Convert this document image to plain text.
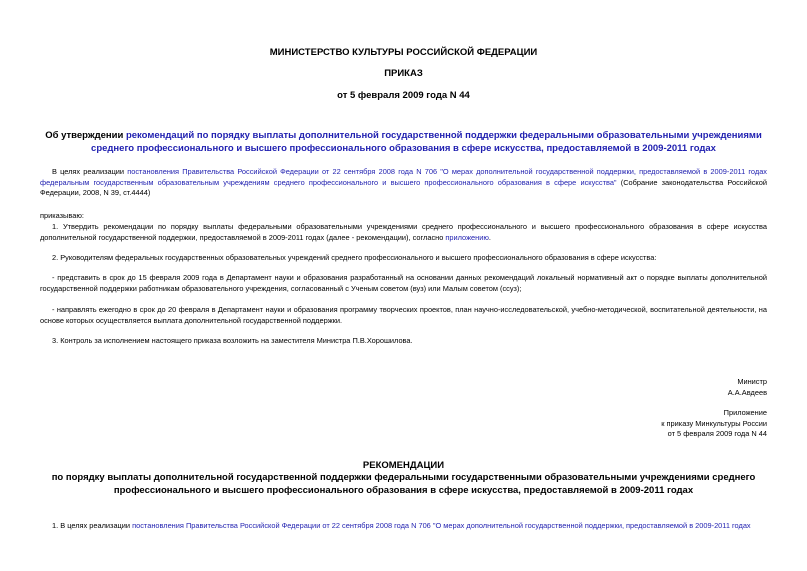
МИНИСТЕРСТВО КУЛЬТУРЫ РОССИЙСКОЙ ФЕДЕРАЦИИ
ПРИКАЗ
от 5 февраля 2009 года N 44
Об утверждении рекомендаций по порядку выплаты дополнительной государственной поддержки федеральными образовательными учреждениями среднего профессионального и высшего профессионального образования в сфере искусства, предоставляемой в 2009-2011 годах
В целях реализации постановления Правительства Российской Федерации от 22 сентября 2008 года N 706 "О мерах дополнительной государственной поддержки, предоставляемой в 2009-2011 годах федеральным государственным образовательным учреждениям среднего профессионального и высшего профессионального образования в сфере искусства" (Собрание законодательства Российской Федерации, 2008, N 39, ст.4444)
приказываю:
1. Утвердить рекомендации по порядку выплаты федеральными образовательными учреждениями среднего профессионального и высшего профессионального образования в сфере искусства дополнительной государственной поддержки, предоставляемой в 2009-2011 годах (далее - рекомендации), согласно приложению.
2. Руководителям федеральных государственных образовательных учреждений среднего профессионального и высшего профессионального образования в сфере искусства:
- представить в срок до 15 февраля 2009 года в Департамент науки и образования разработанный на основании данных рекомендаций локальный нормативный акт о порядке выплаты дополнительной государственной поддержки работникам образовательного учреждения, согласованный с Ученым советом (вуз) или Малым советом (ссуз);
- направлять ежегодно в срок до 20 февраля в Департамент науки и образования программу творческих проектов, план научно-исследовательской, учебно-методической, воспитательной деятельности, на основе которых осуществляется выплата дополнительной государственной поддержки.
3. Контроль за исполнением настоящего приказа возложить на заместителя Министра П.В.Хорошилова.
Министр
А.А.Авдеев
Приложение
к приказу Минкультуры России
от 5 февраля 2009 года N 44
РЕКОМЕНДАЦИИ
по порядку выплаты дополнительной государственной поддержки федеральными государственными образовательными учреждениями среднего профессионального и высшего профессионального образования в сфере искусства, предоставляемой в 2009-2011 годах
1. В целях реализации постановления Правительства Российской Федерации от 22 сентября 2008 года N 706 "О мерах дополнительной государственной поддержки, предоставляемой в 2009-2011 годах
